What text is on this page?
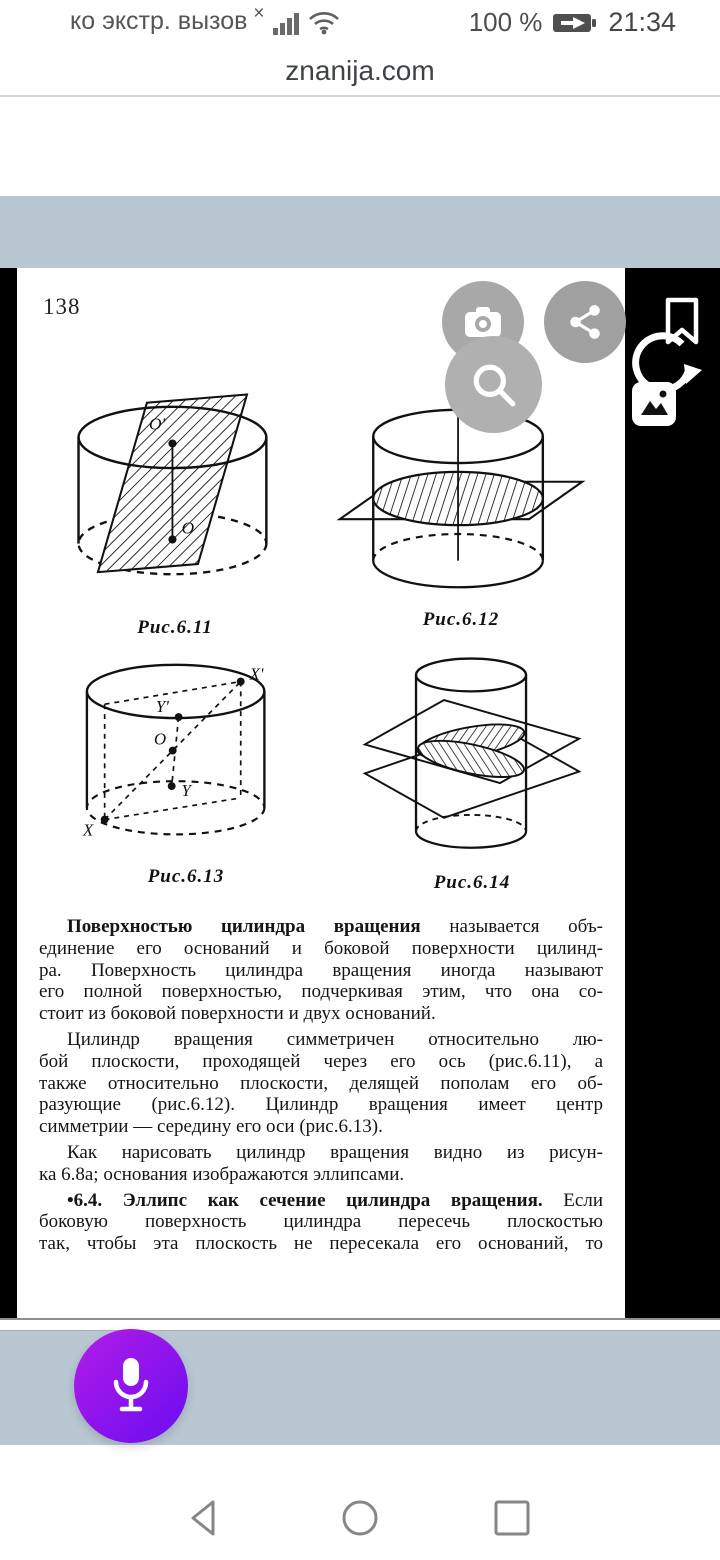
ко экстр. вызов ×	100 % 21:34
znanija.com
138
O'
O
Рис.6.11	Рис.6.12
X
Y
O
Y'
X'
Рис.6.13	Рис.6.14
Поверхностью цилиндра вращения называется объ-
единение его оснований и боковой поверхности цилинд-
ра. Поверхность цилиндра вращения иногда называют
его полной поверхностью, подчеркивая этим, что она со-
стоит из боковой поверхности и двух оснований.
Цилиндр вращения симметричен относительно лю-
бой плоскости, проходящей через его ось (рис.6.11), а
также относительно плоскости, делящей пополам его об-
разующие (рис.6.12). Цилиндр вращения имеет центр
симметрии — середину его оси (рис.6.13).
Как нарисовать цилиндр вращения видно из рисун-
ка 6.8а; основания изображаются эллипсами.
•6.4. Эллипс как сечение цилиндра вращения. Если
боковую поверхность цилиндра пересечь плоскостью
так, чтобы эта плоскость не пересекала его оснований, то
